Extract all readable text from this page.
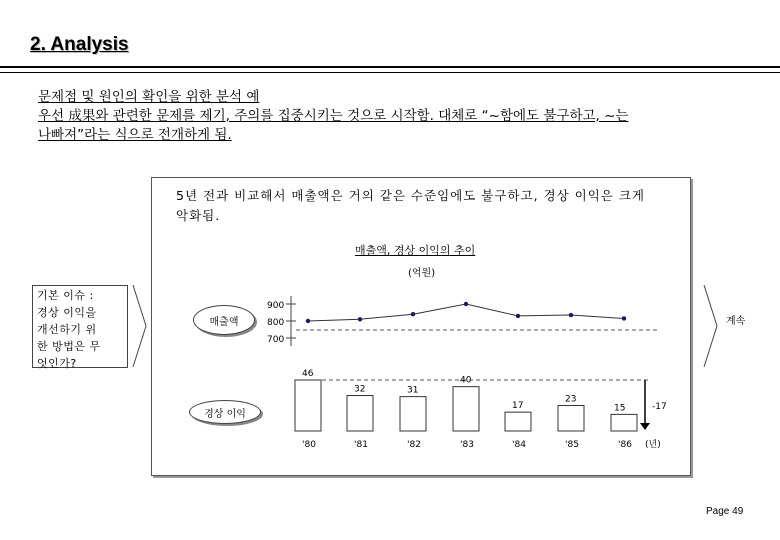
2. Analysis
문제점 및 원인의 확인을 위한 분석 예
우선 成果와 관련한 문제를 제기, 주의를 집중시키는 것으로 시작함. 대체로 “~함에도 불구하고, ~는
나빠져”라는 식으로 전개하게 됨.
5년 전과 비교해서 매출액은 거의 같은 수준임에도 불구하고, 경상 이익은 크게
악화됨.
매출액, 경상 이익의 추이
(억원)
기본 이슈 :
경상 이익을
개선하기 위
한 방법은 무
엇인가?
매출액
경상 이익
계속
700
800
900
46
32	31
40
17
23
15	-17
'80	'81	'82	'83	'84	'85	'86 (년)
Page 49
